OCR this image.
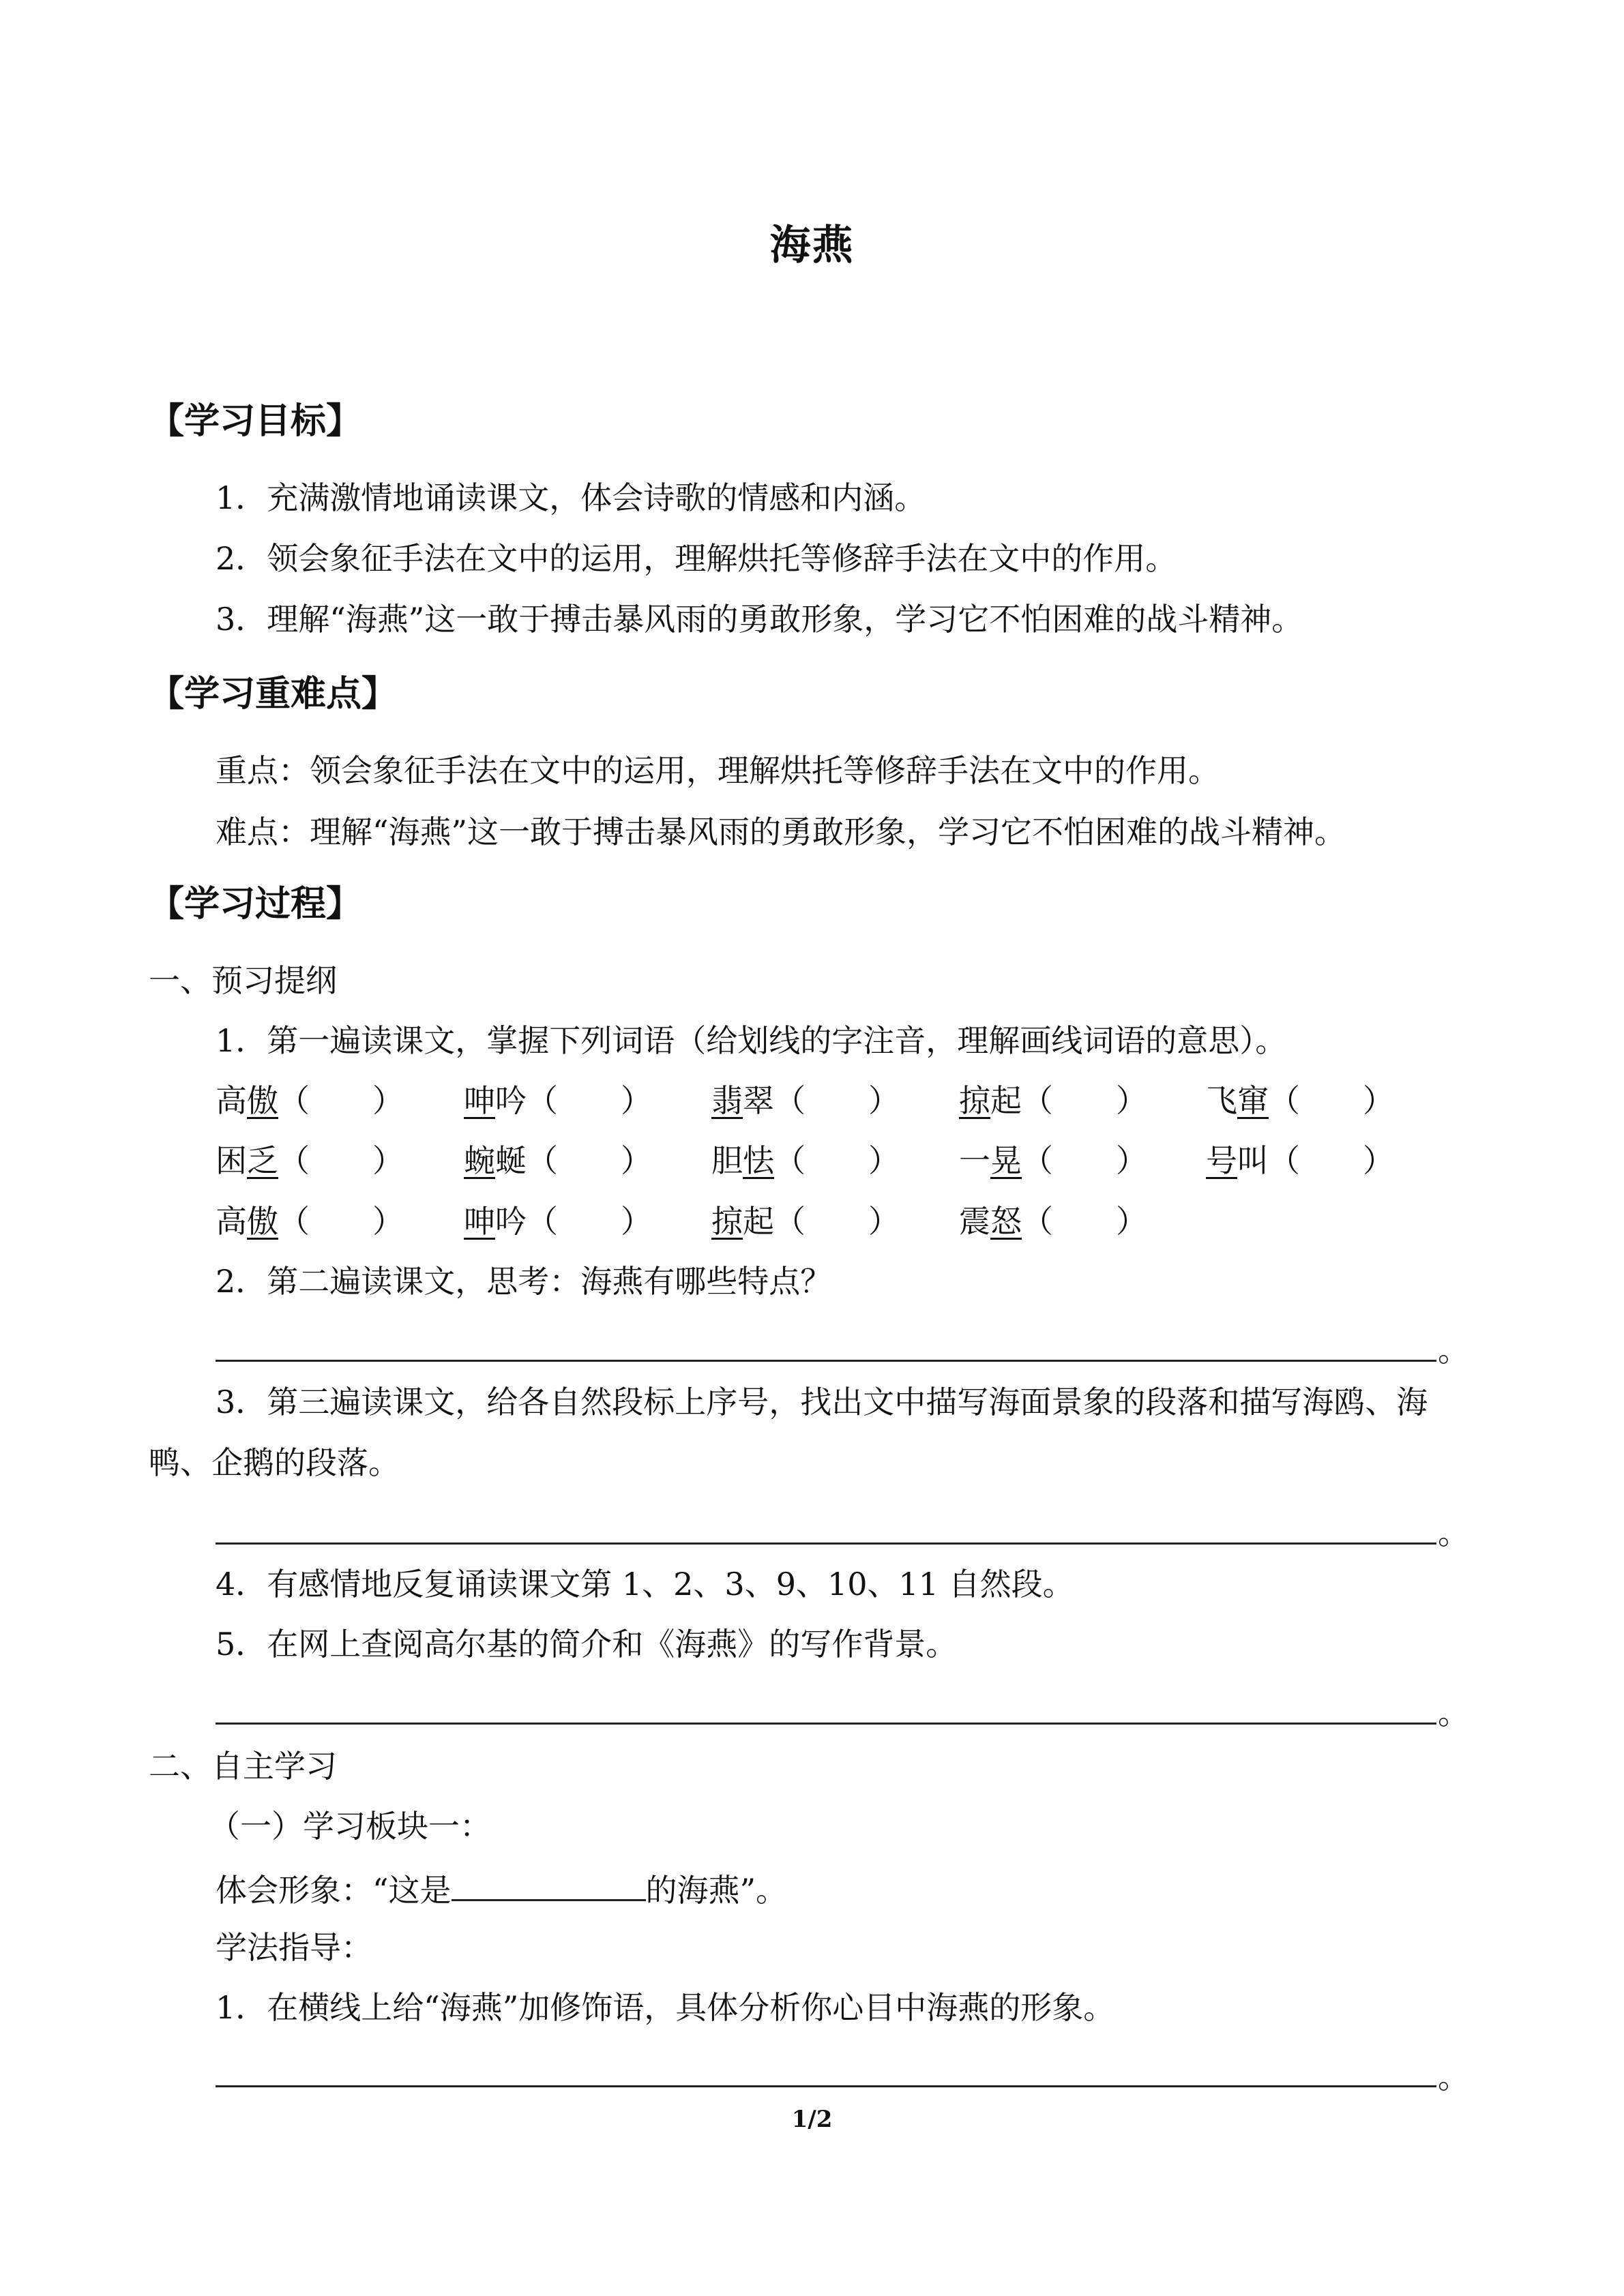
海燕
【学习目标】
1．充满激情地诵读课文，体会诗歌的情感和内涵。
2．领会象征手法在文中的运用，理解烘托等修辞手法在文中的作用。
3．理解“海燕”这一敢于搏击暴风雨的勇敢形象，学习它不怕困难的战斗精神。
【学习重难点】
重点：领会象征手法在文中的运用，理解烘托等修辞手法在文中的作用。
难点：理解“海燕”这一敢于搏击暴风雨的勇敢形象，学习它不怕困难的战斗精神。
【学习过程】
一、预习提纲
1．第一遍读课文，掌握下列词语（给划线的字注音，理解画线词语的意思）。
高傲（　　） 呻吟（　　） 翡翠（　　） 掠起（　　） 飞窜（　　）
困乏（　　） 蜿蜒（　　） 胆怯（　　） 一晃（　　） 号叫（　　）
高傲（　　） 呻吟（　　） 掠起（　　） 震怒（　　）
2．第二遍读课文，思考：海燕有哪些特点？
。
3．第三遍读课文，给各自然段标上序号，找出文中描写海面景象的段落和描写海鸥、海
鸭、企鹅的段落。
。
4．有感情地反复诵读课文第 1、2、3、9、10、11 自然段。
5．在网上查阅高尔基的简介和《海燕》的写作背景。
。
二、自主学习
（一）学习板块一：
体会形象：“这是	的海燕”。
学法指导：
1．在横线上给“海燕”加修饰语，具体分析你心目中海燕的形象。
。
1/2
